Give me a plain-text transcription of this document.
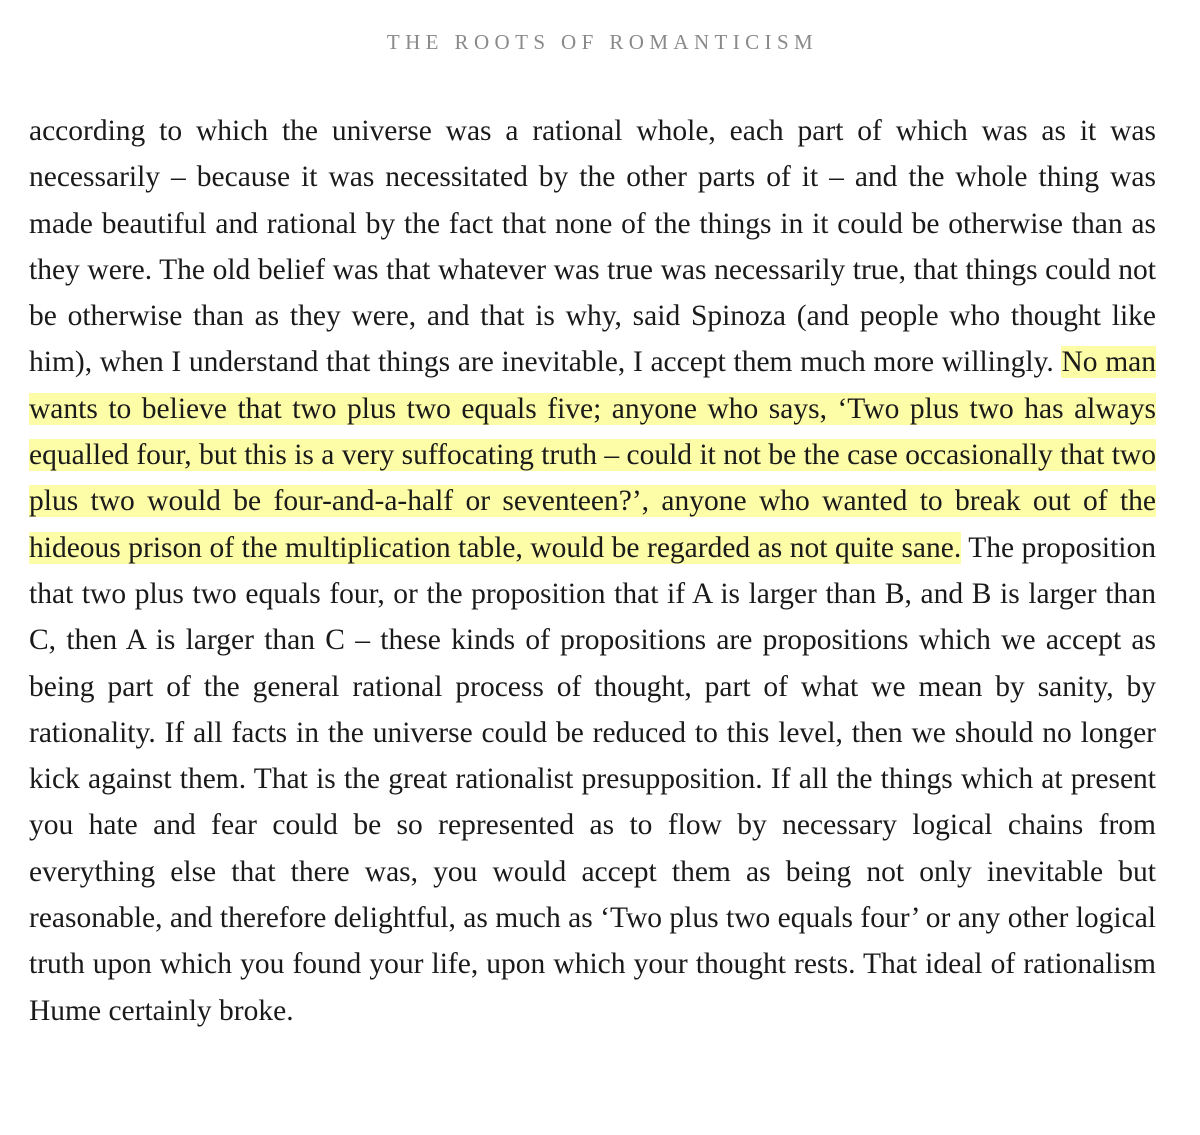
THE ROOTS OF ROMANTICISM

according to which the universe was a rational whole, each part of which was as it was necessarily – because it was necessitated by the other parts of it – and the whole thing was made beautiful and rational by the fact that none of the things in it could be otherwise than as they were. The old belief was that whatever was true was necessarily true, that things could not be otherwise than as they were, and that is why, said Spinoza (and people who thought like him), when I understand that things are inevitable, I accept them much more willingly. No man wants to believe that two plus two equals five; anyone who says, ‘Two plus two has always equalled four, but this is a very suffocating truth – could it not be the case occasionally that two plus two would be four-and-a-half or seventeen?’, anyone who wanted to break out of the hideous prison of the multiplication table, would be regarded as not quite sane. The proposition that two plus two equals four, or the proposition that if A is larger than B, and B is larger than C, then A is larger than C – these kinds of propositions are propositions which we accept as being part of the general rational process of thought, part of what we mean by sanity, by rationality. If all facts in the universe could be reduced to this level, then we should no longer kick against them. That is the great rationalist presupposition. If all the things which at present you hate and fear could be so represented as to flow by necessary logical chains from everything else that there was, you would accept them as being not only inevitable but reasonable, and therefore delightful, as much as ‘Two plus two equals four’ or any other logical truth upon which you found your life, upon which your thought rests. That ideal of rationalism Hume certainly broke.
